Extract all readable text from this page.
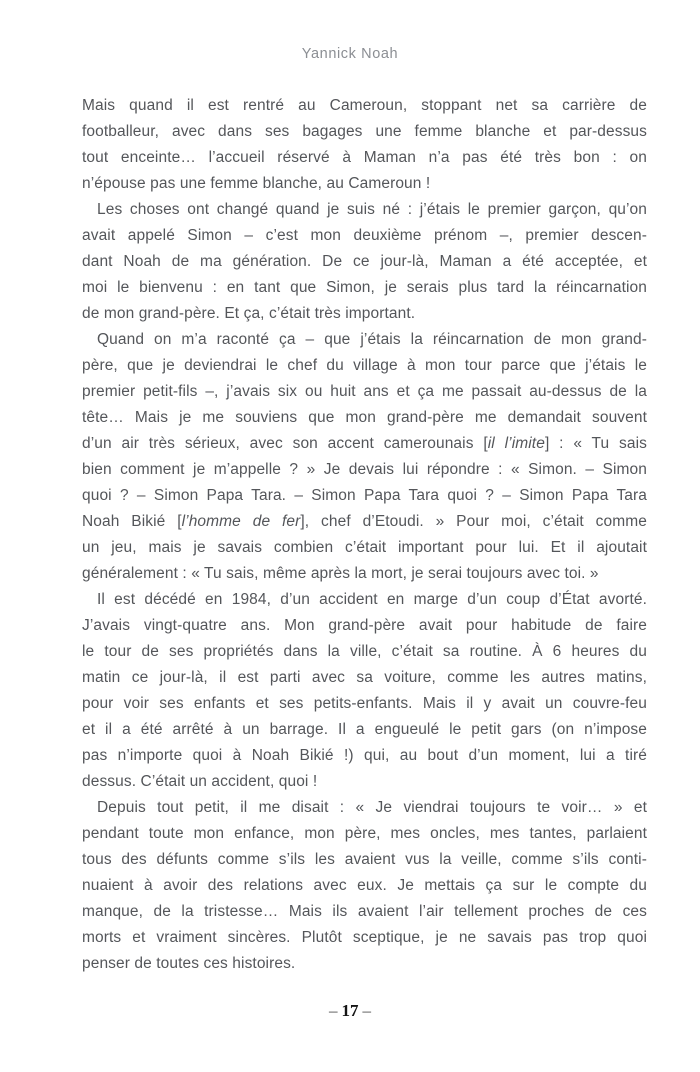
Yannick Noah
Mais quand il est rentré au Cameroun, stoppant net sa carrière de
footballeur, avec dans ses bagages une femme blanche et par-dessus
tout enceinte… l’accueil réservé à Maman n’a pas été très bon : on
n’épouse pas une femme blanche, au Cameroun !
Les choses ont changé quand je suis né : j’étais le premier garçon, qu’on
avait appelé Simon – c’est mon deuxième prénom –, premier descen-
dant Noah de ma génération. De ce jour-là, Maman a été acceptée, et
moi le bienvenu : en tant que Simon, je serais plus tard la réincarnation
de mon grand-père. Et ça, c’était très important.
Quand on m’a raconté ça – que j’étais la réincarnation de mon grand-
père, que je deviendrai le chef du village à mon tour parce que j’étais le
premier petit-fils –, j’avais six ou huit ans et ça me passait au-dessus de la
tête… Mais je me souviens que mon grand-père me demandait souvent
d’un air très sérieux, avec son accent camerounais [il l’imite] : « Tu sais
bien comment je m’appelle ? » Je devais lui répondre : « Simon. – Simon
quoi ? – Simon Papa Tara. – Simon Papa Tara quoi ? – Simon Papa Tara
Noah Bikié [l’homme de fer], chef d’Etoudi. » Pour moi, c’était comme
un jeu, mais je savais combien c’était important pour lui. Et il ajoutait
généralement : « Tu sais, même après la mort, je serai toujours avec toi. »
Il est décédé en 1984, d’un accident en marge d’un coup d’État avorté.
J’avais vingt-quatre ans. Mon grand-père avait pour habitude de faire
le tour de ses propriétés dans la ville, c’était sa routine. À 6 heures du
matin ce jour-là, il est parti avec sa voiture, comme les autres matins,
pour voir ses enfants et ses petits-enfants. Mais il y avait un couvre-feu
et il a été arrêté à un barrage. Il a engueulé le petit gars (on n’impose
pas n’importe quoi à Noah Bikié !) qui, au bout d’un moment, lui a tiré
dessus. C’était un accident, quoi !
Depuis tout petit, il me disait : « Je viendrai toujours te voir… » et
pendant toute mon enfance, mon père, mes oncles, mes tantes, parlaient
tous des défunts comme s’ils les avaient vus la veille, comme s’ils conti-
nuaient à avoir des relations avec eux. Je mettais ça sur le compte du
manque, de la tristesse… Mais ils avaient l’air tellement proches de ces
morts et vraiment sincères. Plutôt sceptique, je ne savais pas trop quoi
penser de toutes ces histoires.
– 17 –
